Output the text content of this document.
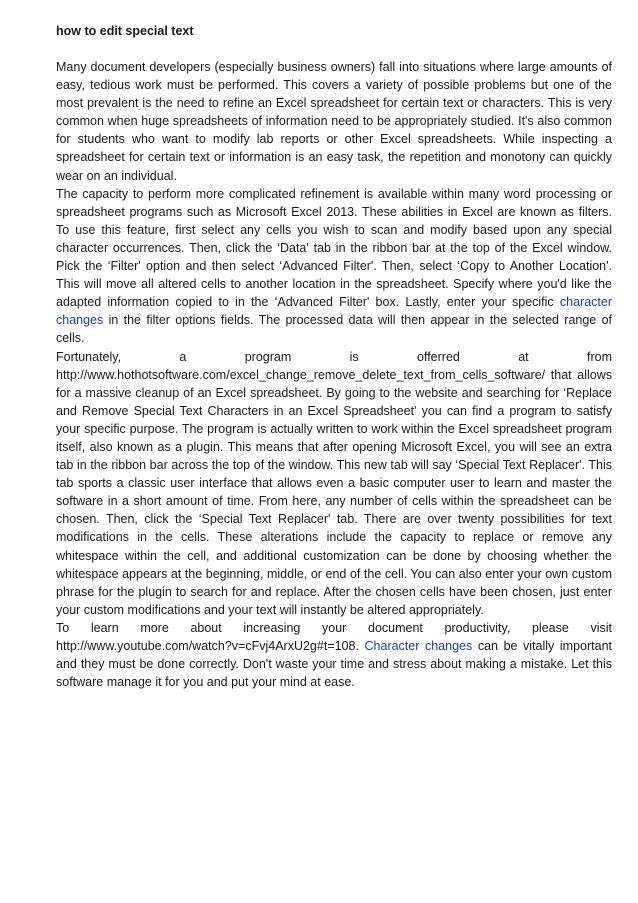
how to edit special text

Many document developers (especially business owners) fall into situations where large amounts of easy, tedious work must be performed. This covers a variety of possible problems but one of the most prevalent is the need to refine an Excel spreadsheet for certain text or characters. This is very common when huge spreadsheets of information need to be appropriately studied. It's also common for students who want to modify lab reports or other Excel spreadsheets. While inspecting a spreadsheet for certain text or information is an easy task, the repetition and monotony can quickly wear on an individual.

The capacity to perform more complicated refinement is available within many word processing or spreadsheet programs such as Microsoft Excel 2013. These abilities in Excel are known as filters. To use this feature, first select any cells you wish to scan and modify based upon any special character occurrences. Then, click the ‘Data' tab in the ribbon bar at the top of the Excel window. Pick the ‘Filter' option and then select ‘Advanced Filter'. Then, select ‘Copy to Another Location'. This will move all altered cells to another location in the spreadsheet. Specify where you'd like the adapted information copied to in the ‘Advanced Filter' box. Lastly, enter your specific character changes in the filter options fields. The processed data will then appear in the selected range of cells.

Fortunately, a program is offerred at from http://www.hothotsoftware.com/excel_change_remove_delete_text_from_cells_software/ that allows for a massive cleanup of an Excel spreadsheet. By going to the website and searching for ‘Replace and Remove Special Text Characters in an Excel Spreadsheet' you can find a program to satisfy your specific purpose. The program is actually written to work within the Excel spreadsheet program itself, also known as a plugin. This means that after opening Microsoft Excel, you will see an extra tab in the ribbon bar across the top of the window. This new tab will say ‘Special Text Replacer'. This tab sports a classic user interface that allows even a basic computer user to learn and master the software in a short amount of time. From here, any number of cells within the spreadsheet can be chosen. Then, click the ‘Special Text Replacer' tab. There are over twenty possibilities for text modifications in the cells. These alterations include the capacity to replace or remove any whitespace within the cell, and additional customization can be done by choosing whether the whitespace appears at the beginning, middle, or end of the cell. You can also enter your own custom phrase for the plugin to search for and replace. After the chosen cells have been chosen, just enter your custom modifications and your text will instantly be altered appropriately.

To learn more about increasing your document productivity, please visit http://www.youtube.com/watch?v=cFvj4ArxU2g#t=108. Character changes can be vitally important and they must be done correctly. Don't waste your time and stress about making a mistake. Let this software manage it for you and put your mind at ease.
